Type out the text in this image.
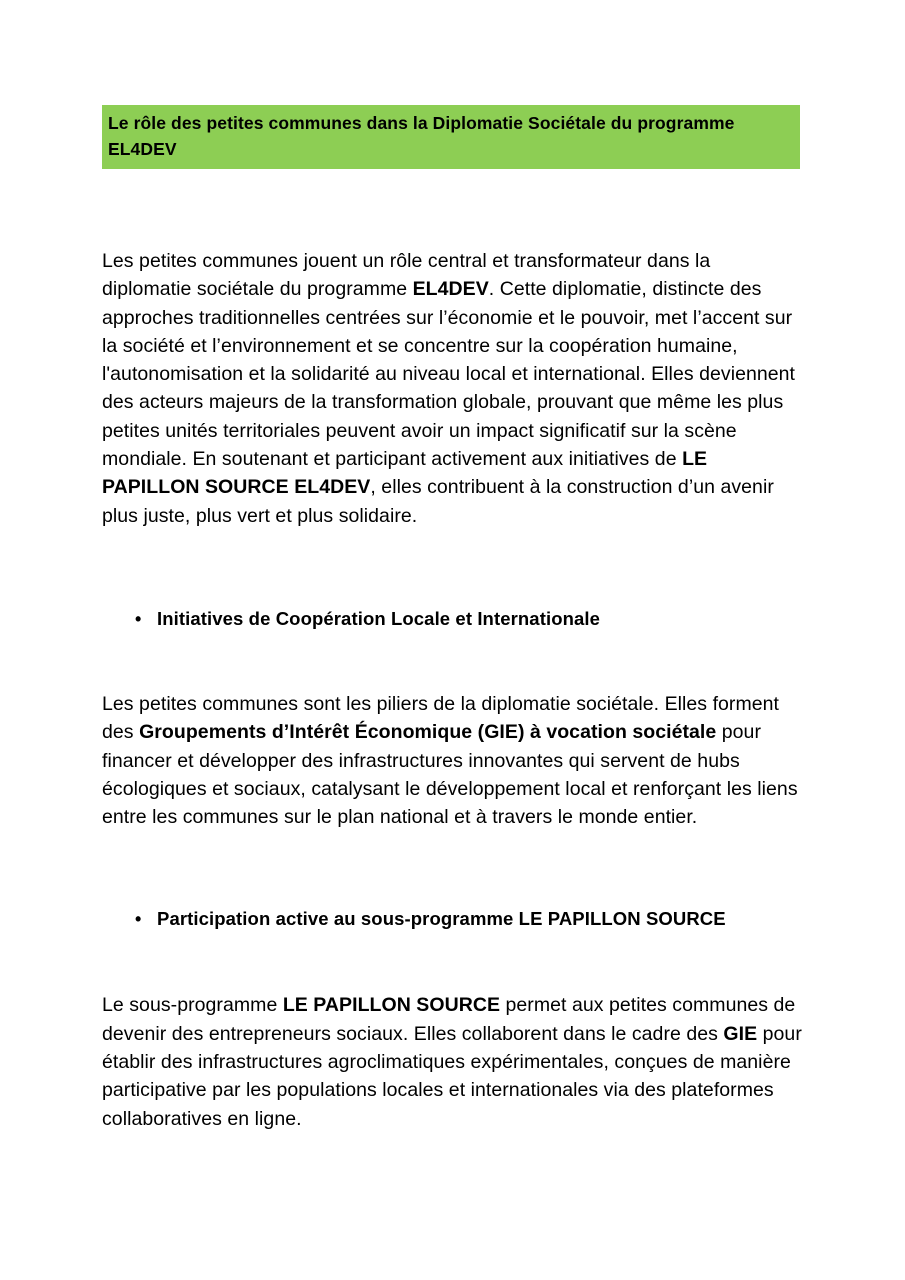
Le rôle des petites communes dans la Diplomatie Sociétale du programme EL4DEV

Les petites communes jouent un rôle central et transformateur dans la diplomatie sociétale du programme EL4DEV. Cette diplomatie, distincte des approches traditionnelles centrées sur l’économie et le pouvoir, met l’accent sur la société et l’environnement et se concentre sur la coopération humaine, l'autonomisation et la solidarité au niveau local et international. Elles deviennent des acteurs majeurs de la transformation globale, prouvant que même les plus petites unités territoriales peuvent avoir un impact significatif sur la scène mondiale. En soutenant et participant activement aux initiatives de LE PAPILLON SOURCE EL4DEV, elles contribuent à la construction d’un avenir plus juste, plus vert et plus solidaire.

• Initiatives de Coopération Locale et Internationale

Les petites communes sont les piliers de la diplomatie sociétale. Elles forment des Groupements d’Intérêt Économique (GIE) à vocation sociétale pour financer et développer des infrastructures innovantes qui servent de hubs écologiques et sociaux, catalysant le développement local et renforçant les liens entre les communes sur le plan national et à travers le monde entier.

• Participation active au sous-programme LE PAPILLON SOURCE

Le sous-programme LE PAPILLON SOURCE permet aux petites communes de devenir des entrepreneurs sociaux. Elles collaborent dans le cadre des GIE pour établir des infrastructures agroclimatiques expérimentales, conçues de manière participative par les populations locales et internationales via des plateformes collaboratives en ligne.
